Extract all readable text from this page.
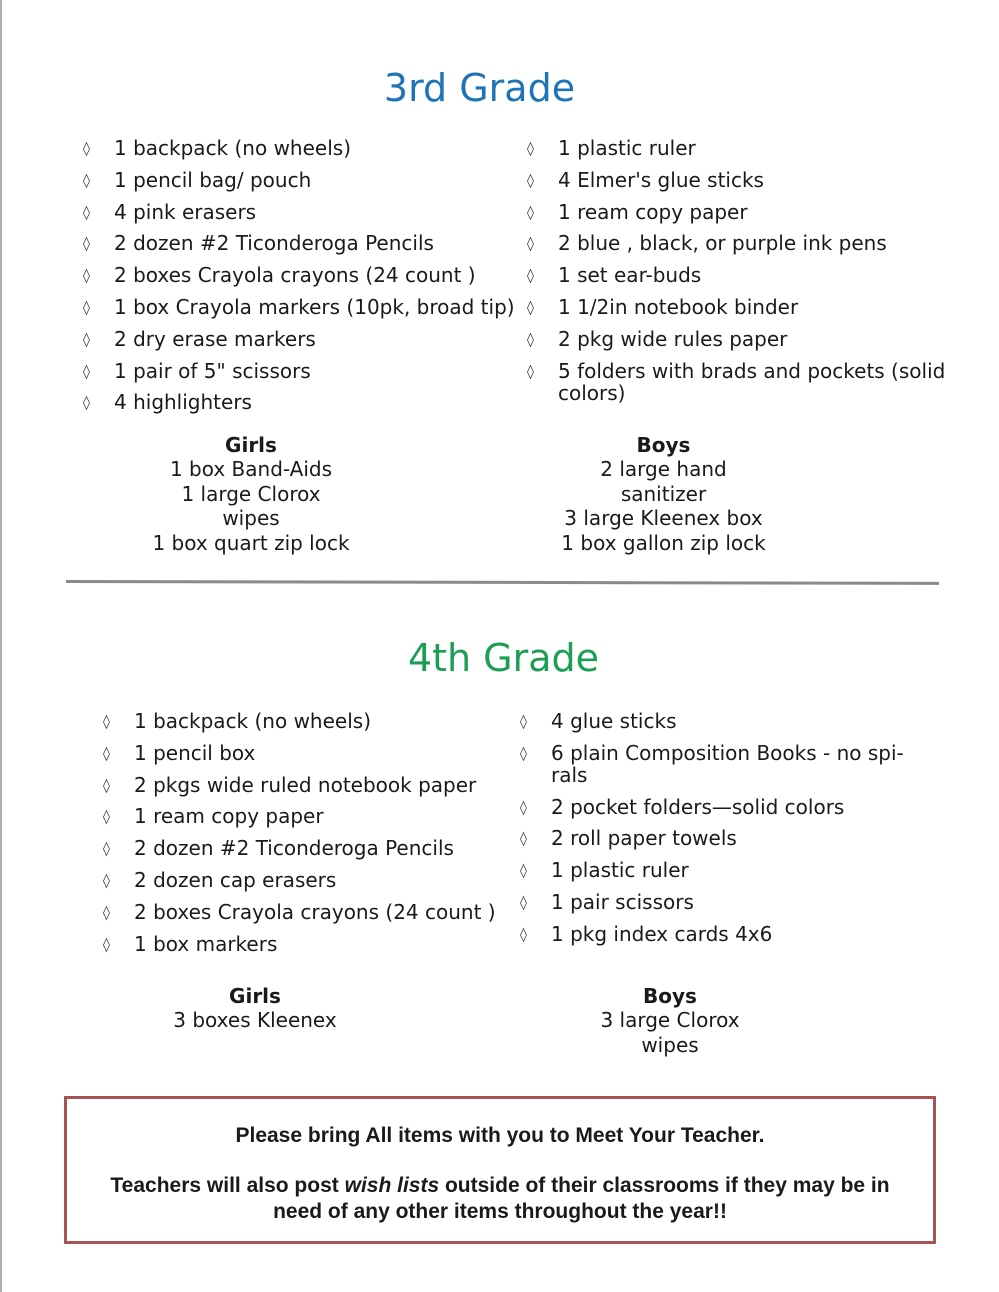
3rd Grade
◊ 1 backpack (no wheels)
◊ 1 pencil bag/ pouch
◊ 4 pink erasers
◊ 2 dozen #2 Ticonderoga Pencils
◊ 2 boxes Crayola crayons (24 count )
◊ 1 box Crayola markers (10pk, broad tip)
◊ 2 dry erase markers
◊ 1 pair of 5" scissors
◊ 4 highlighters
◊ 1 plastic ruler
◊ 4 Elmer's glue sticks
◊ 1 ream copy paper
◊ 2 blue , black, or purple ink pens
◊ 1 set ear-buds
◊ 1 1/2in notebook binder
◊ 2 pkg wide rules paper
◊ 5 folders with brads and pockets (solid colors)
Girls
1 box Band-Aids
1 large Clorox wipes
1 box quart zip lock
Boys
2 large hand sanitizer
3 large Kleenex box
1 box gallon zip lock
4th Grade
◊ 1 backpack (no wheels)
◊ 1 pencil box
◊ 2 pkgs wide ruled notebook paper
◊ 1 ream copy paper
◊ 2 dozen #2 Ticonderoga Pencils
◊ 2 dozen cap erasers
◊ 2 boxes Crayola crayons (24 count )
◊ 1 box markers
◊ 4 glue sticks
◊ 6 plain Composition Books - no spi-rals
◊ 2 pocket folders—solid colors
◊ 2 roll paper towels
◊ 1 plastic ruler
◊ 1 pair scissors
◊ 1 pkg index cards 4x6
Girls
3 boxes Kleenex
Boys
3 large Clorox wipes

Please bring All items with you to Meet Your Teacher.

Teachers will also post wish lists outside of their classrooms if they may be in need of any other items throughout the year!!
